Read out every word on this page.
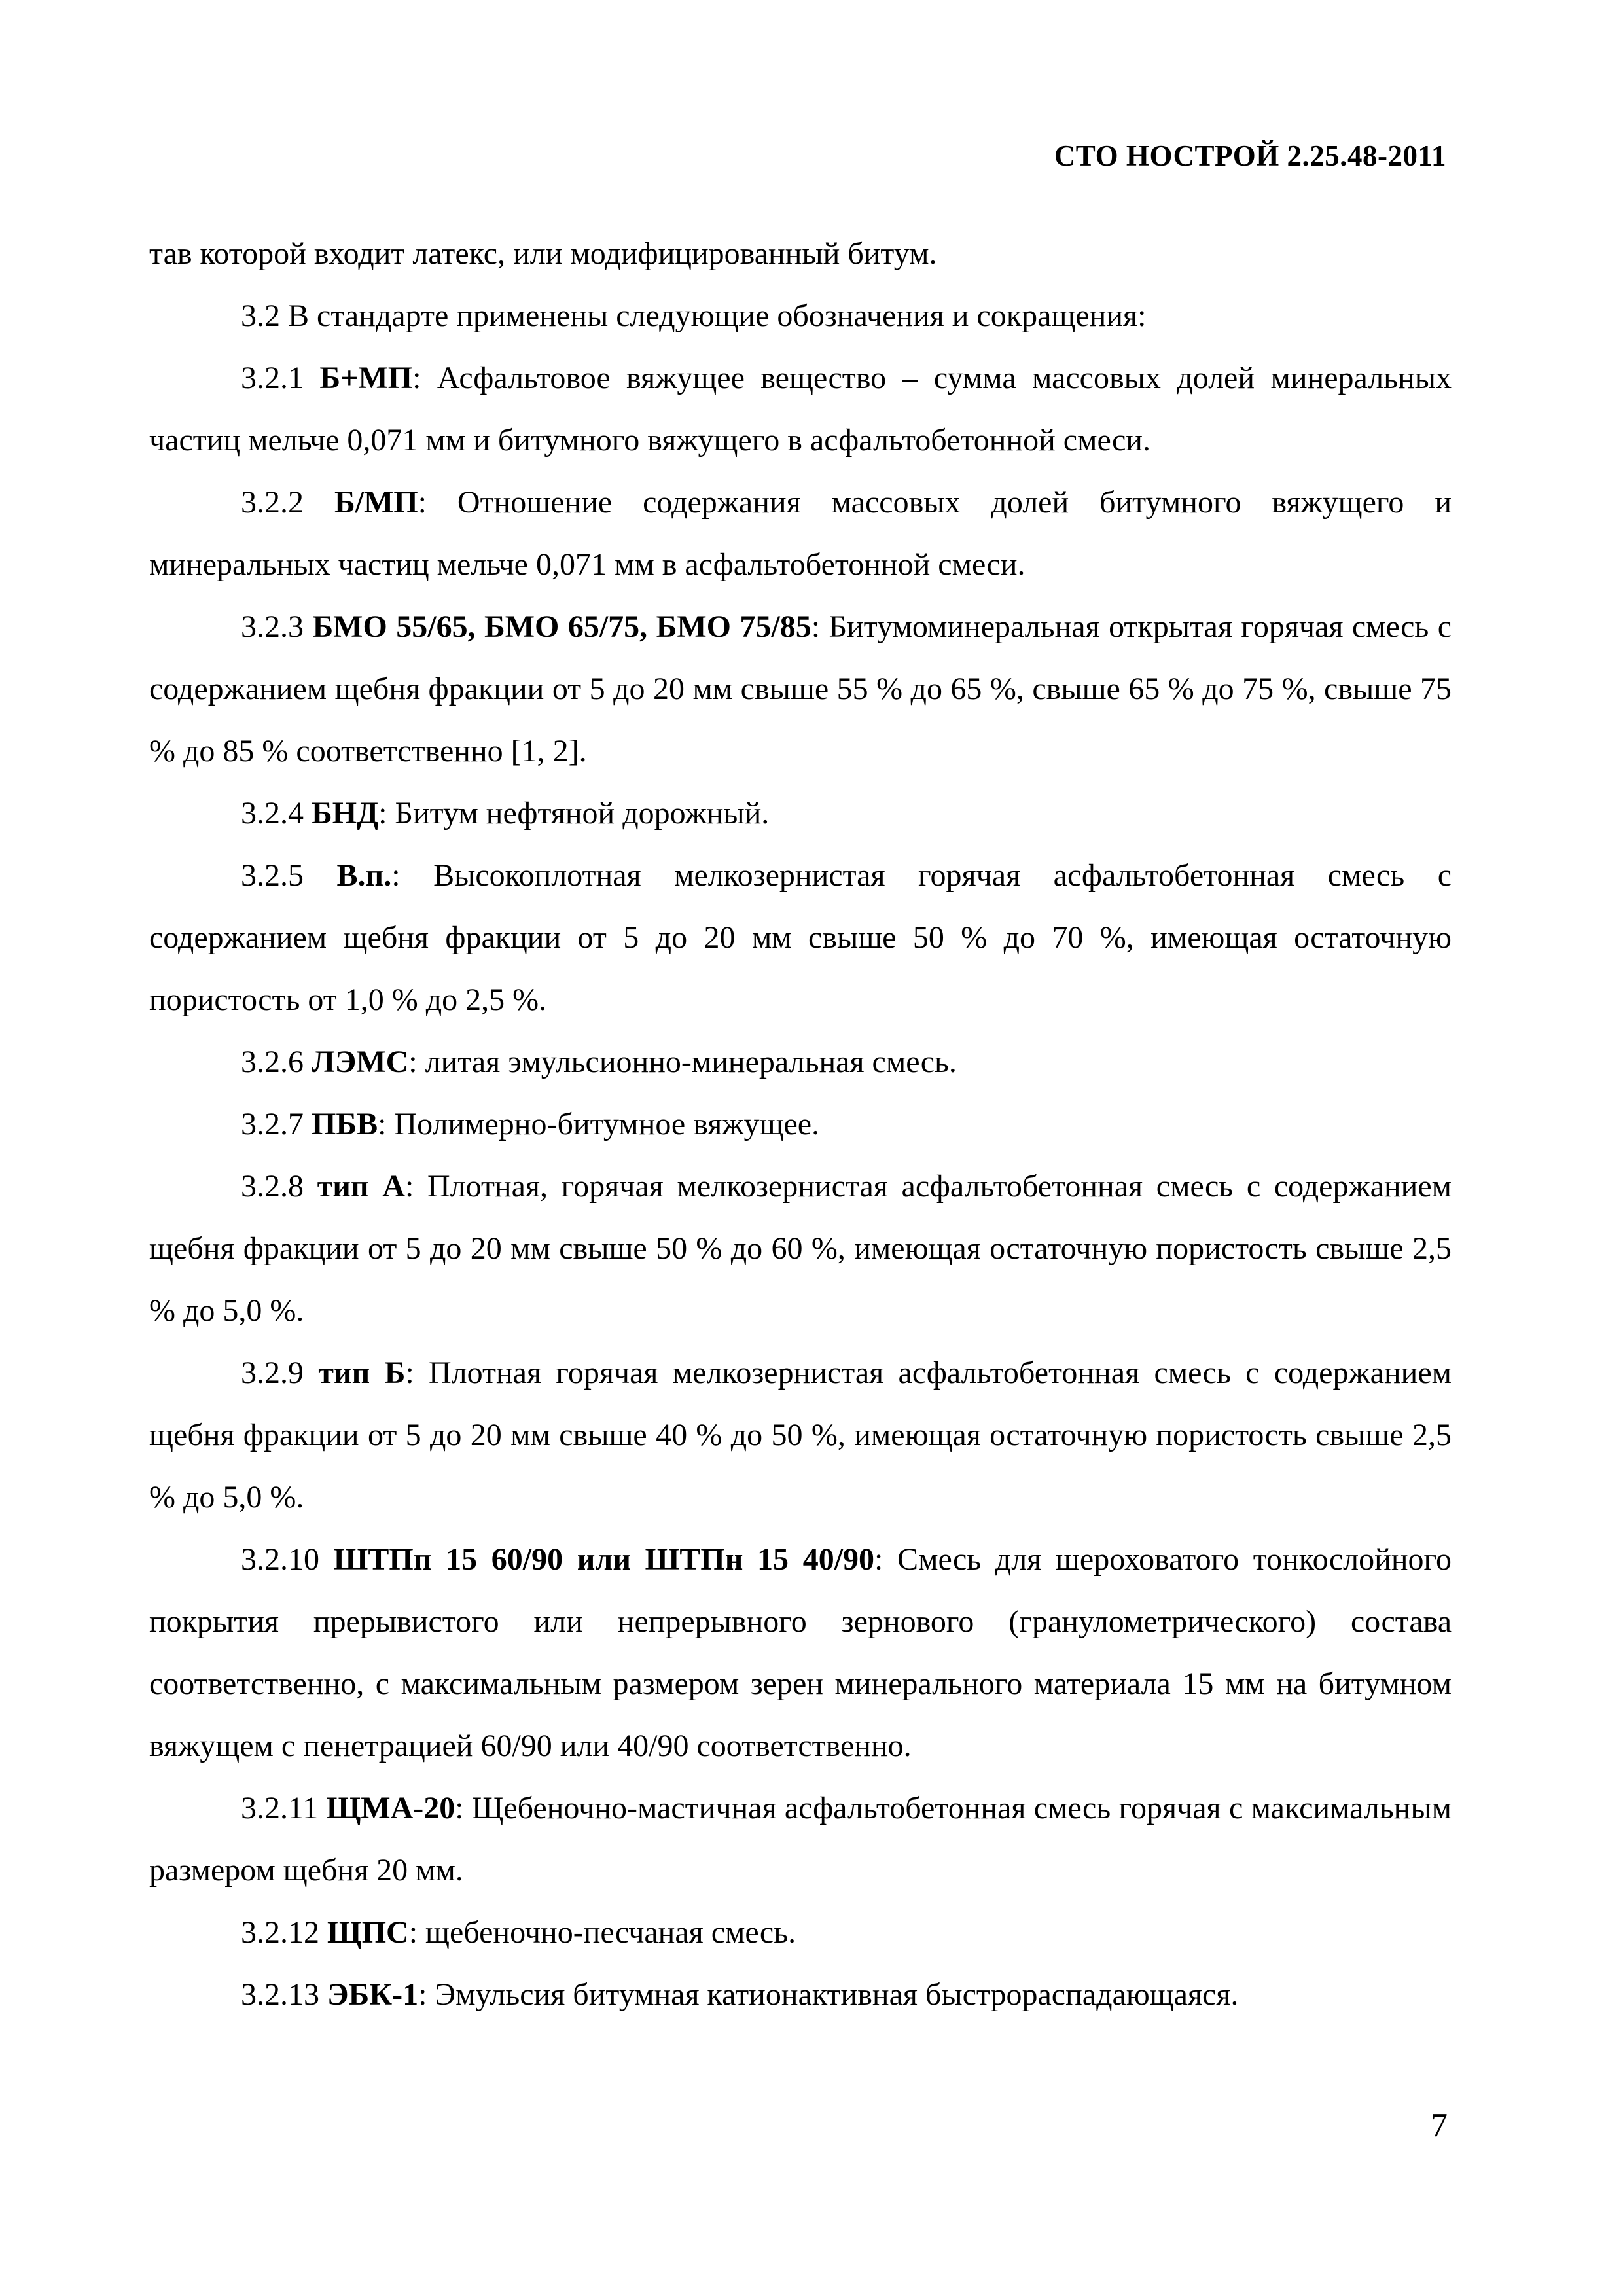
СТО НОСТРОЙ 2.25.48-2011

тав которой входит латекс, или модифицированный битум.

3.2 В стандарте применены следующие обозначения и сокращения:

3.2.1 Б+МП: Асфальтовое вяжущее вещество – сумма массовых долей минеральных частиц мельче 0,071 мм и битумного вяжущего в асфальтобетонной смеси.

3.2.2 Б/МП: Отношение содержания массовых долей битумного вяжущего и минеральных частиц мельче 0,071 мм в асфальтобетонной смеси.

3.2.3 БМО 55/65, БМО 65/75, БМО 75/85: Битумоминеральная открытая горячая смесь с содержанием щебня фракции от 5 до 20 мм свыше 55 % до 65 %, свыше 65 % до 75 %, свыше 75 % до 85 % соответственно [1, 2].

3.2.4 БНД: Битум нефтяной дорожный.

3.2.5 В.п.: Высокоплотная мелкозернистая горячая асфальтобетонная смесь с содержанием щебня фракции от 5 до 20 мм свыше 50 % до 70 %, имеющая остаточную пористость от 1,0 % до 2,5 %.

3.2.6 ЛЭМС: литая эмульсионно-минеральная смесь.

3.2.7 ПБВ: Полимерно-битумное вяжущее.

3.2.8 тип А: Плотная, горячая мелкозернистая асфальтобетонная смесь с содержанием щебня фракции от 5 до 20 мм свыше 50 % до 60 %, имеющая остаточную пористость свыше 2,5 % до 5,0 %.

3.2.9 тип Б: Плотная горячая мелкозернистая асфальтобетонная смесь с содержанием щебня фракции от 5 до 20 мм свыше 40 % до 50 %, имеющая остаточную пористость свыше 2,5 % до 5,0 %.

3.2.10 ШТПп 15 60/90 или ШТПн 15 40/90: Смесь для шероховатого тонкослойного покрытия прерывистого или непрерывного зернового (гранулометрического) состава соответственно, с максимальным размером зерен минерального материала 15 мм на битумном вяжущем с пенетрацией 60/90 или 40/90 соответственно.

3.2.11 ЩМА-20: Щебеночно-мастичная асфальтобетонная смесь горячая с максимальным размером щебня 20 мм.

3.2.12 ЩПС: щебеночно-песчаная смесь.

3.2.13 ЭБК-1: Эмульсия битумная катионактивная быстрораспадающаяся.

7
